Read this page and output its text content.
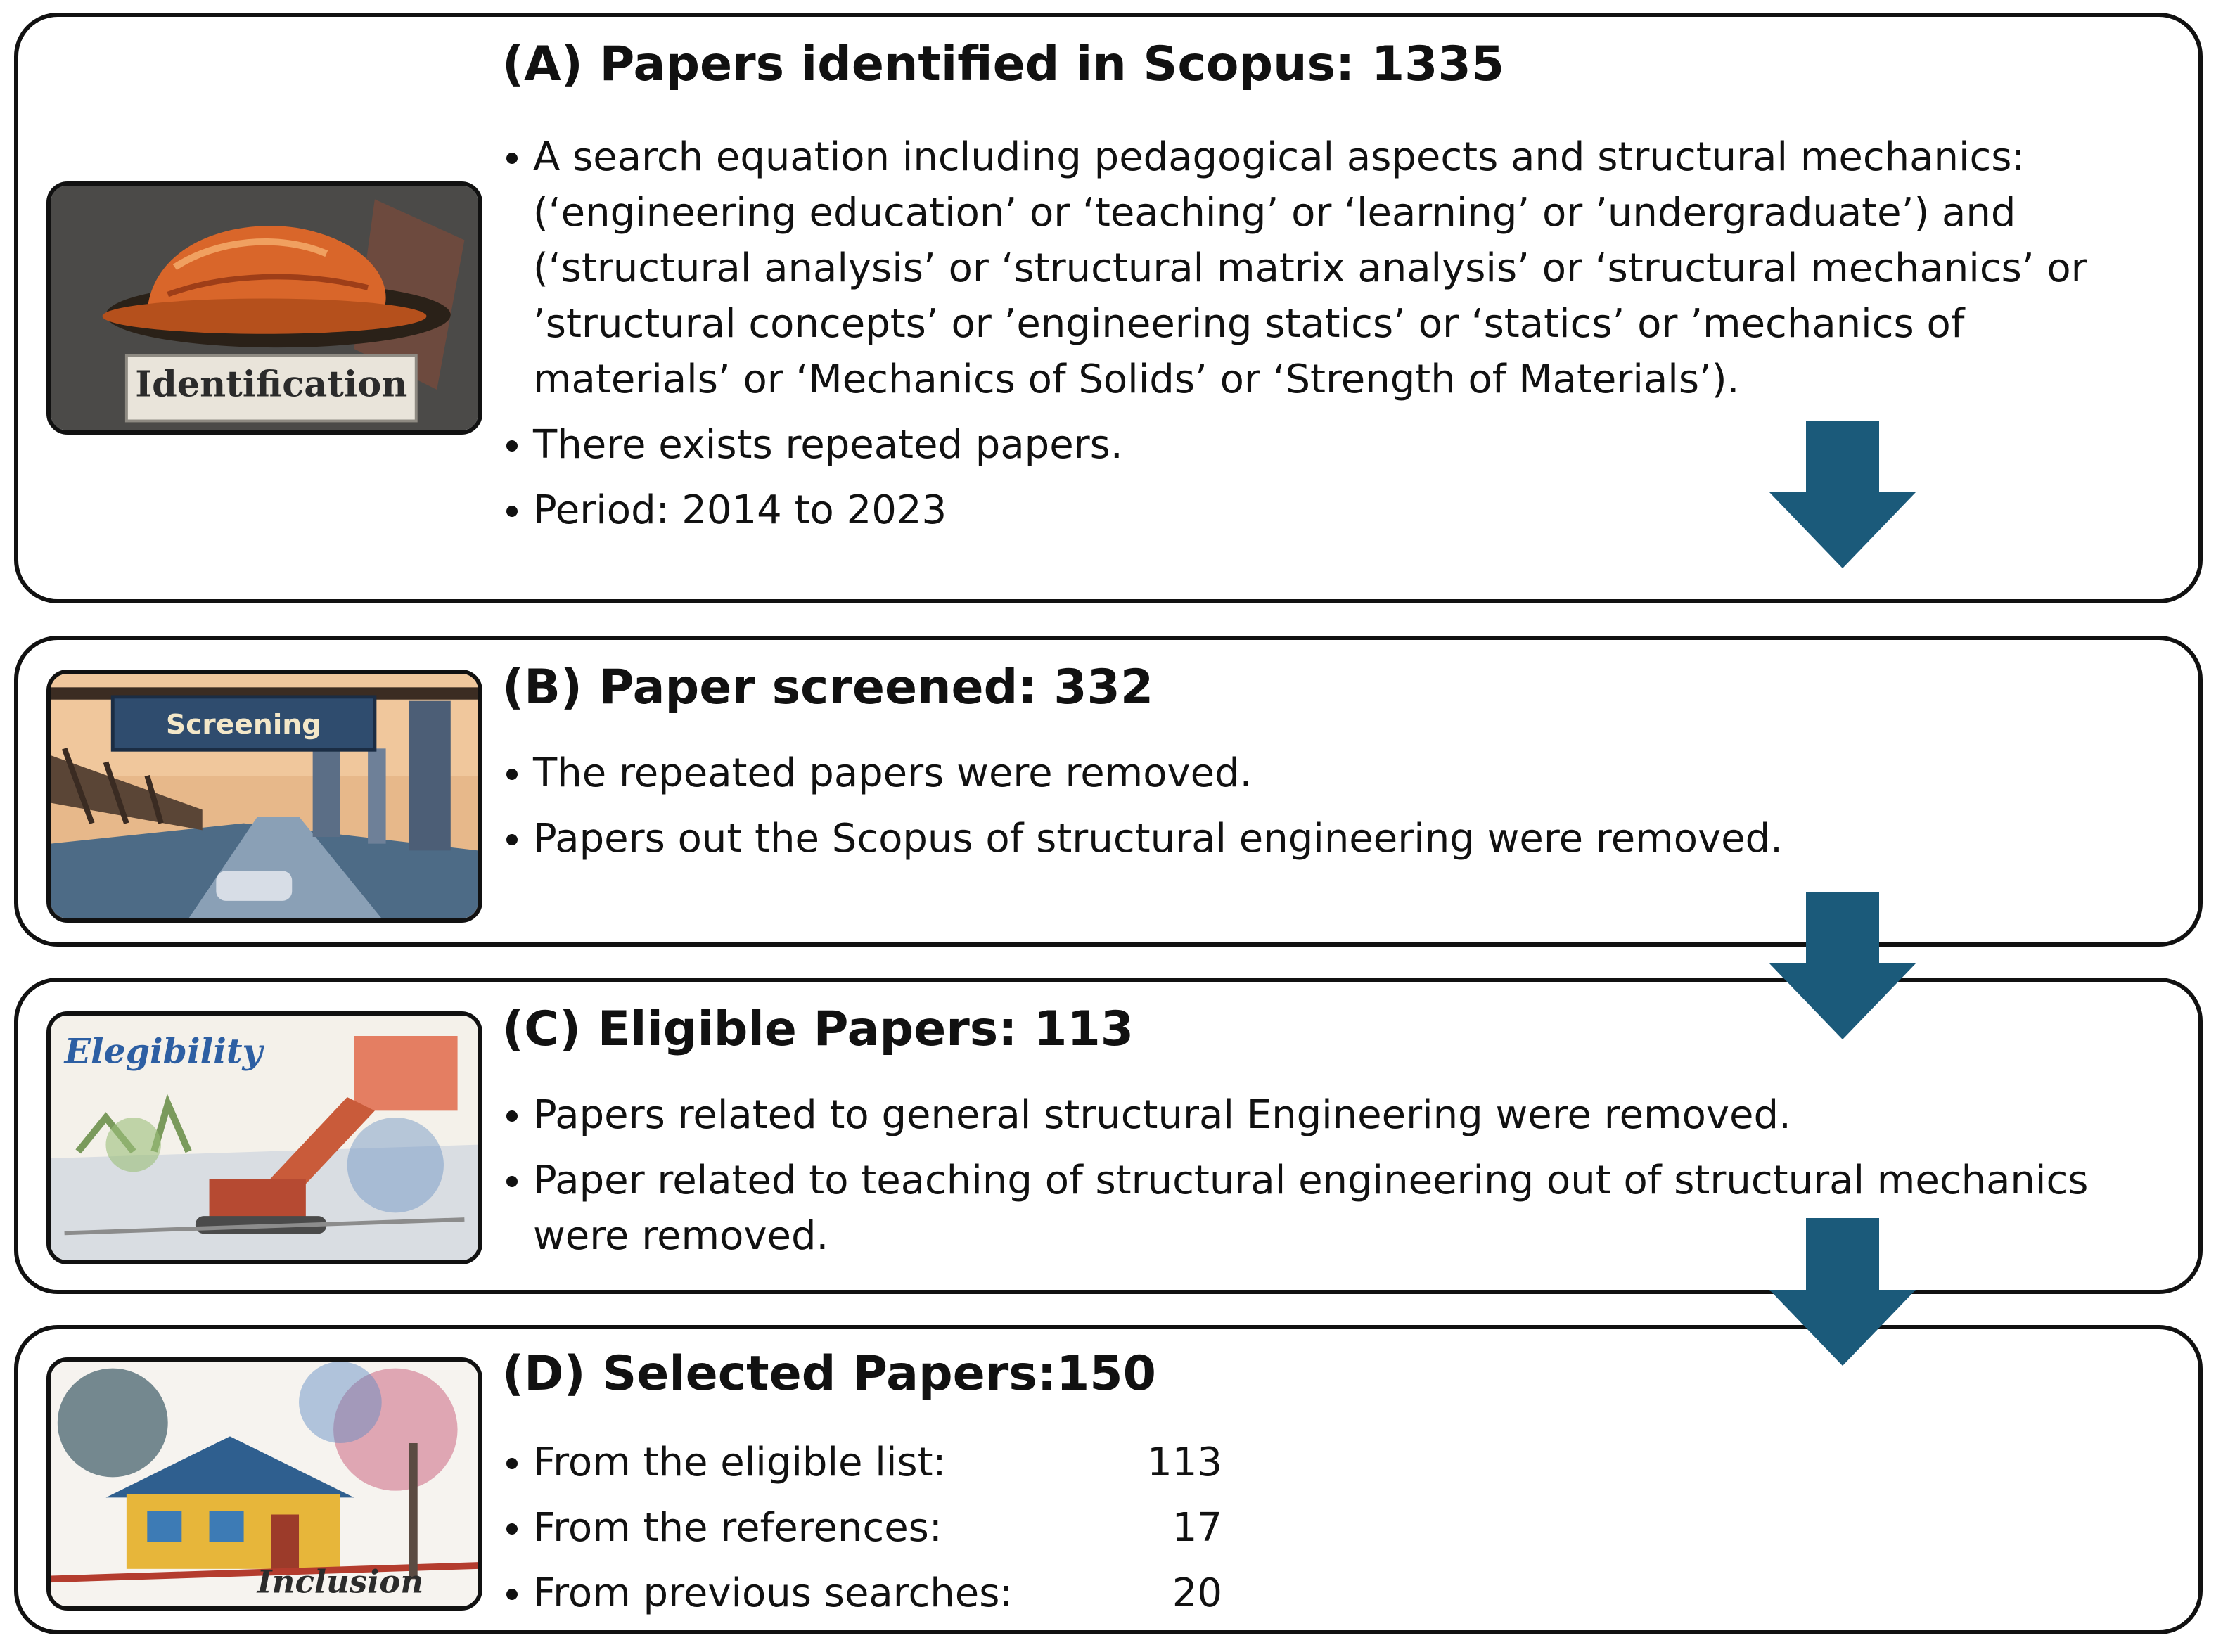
Identification
(A) Papers identified in Scopus: 1335
A search equation including pedagogical aspects and structural mechanics: (‘engineering education’ or ‘teaching’ or ‘learning’ or ’undergraduate’) and (‘structural analysis’ or ‘structural matrix analysis’ or ‘structural mechanics’ or ’structural concepts’ or ’engineering statics’ or ‘statics’ or ’mechanics of materials’ or ‘Mechanics of Solids’ or ‘Strength of Materials’).
There exists repeated papers.
Period: 2014 to 2023
Screening
(B) Paper screened: 332
The repeated papers were removed.
Papers out the Scopus of structural engineering were removed.
Elegibility	(C) Eligible Papers: 113
Papers related to general structural Engineering were removed.
Paper related to teaching of structural engineering out of structural mechanics were removed.
Inclusion
(D) Selected Papers:150
From the eligible list:	113
From the references:	17
From previous searches:	20
